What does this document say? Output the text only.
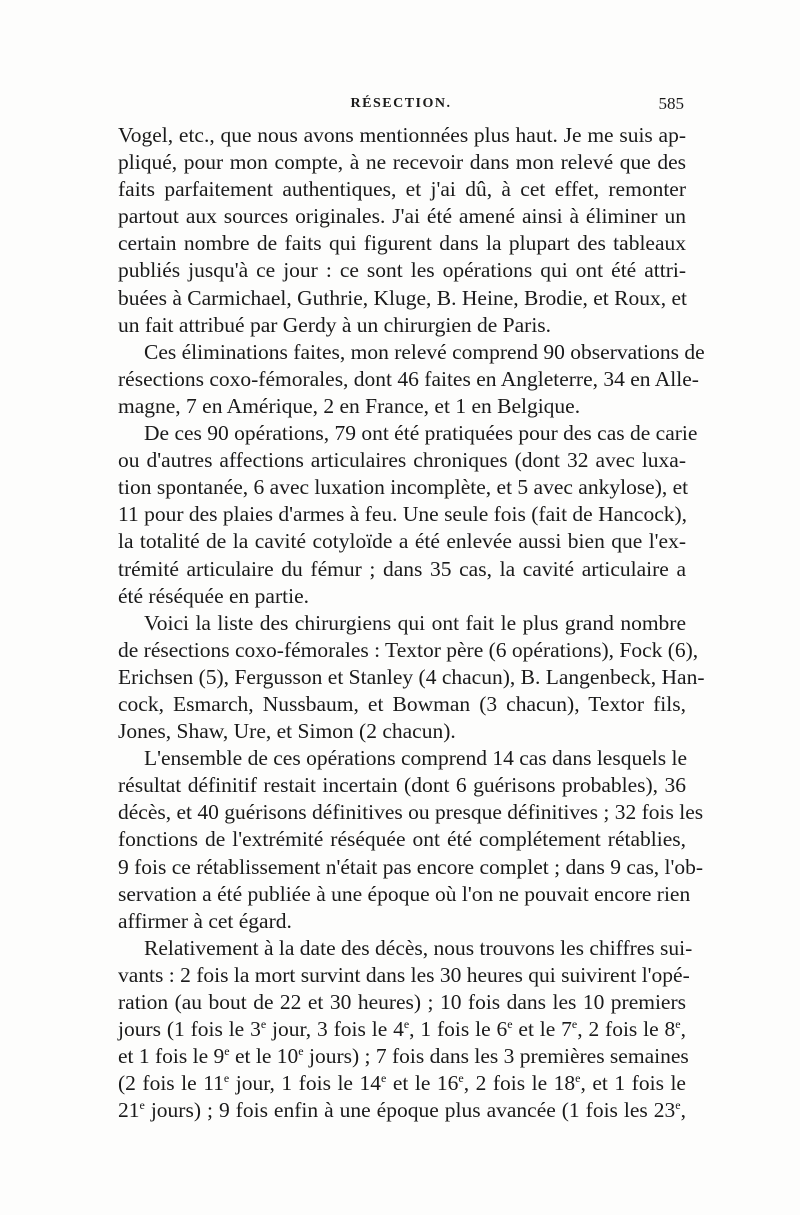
RÉSECTION.	585
Vogel, etc., que nous avons mentionnées plus haut. Je me suis ap-
pliqué, pour mon compte, à ne recevoir dans mon relevé que des
faits parfaitement authentiques, et j'ai dû, à cet effet, remonter
partout aux sources originales. J'ai été amené ainsi à éliminer un
certain nombre de faits qui figurent dans la plupart des tableaux
publiés jusqu'à ce jour : ce sont les opérations qui ont été attri-
buées à Carmichael, Guthrie, Kluge, B. Heine, Brodie, et Roux, et
un fait attribué par Gerdy à un chirurgien de Paris.
Ces éliminations faites, mon relevé comprend 90 observations de
résections coxo-fémorales, dont 46 faites en Angleterre, 34 en Alle-
magne, 7 en Amérique, 2 en France, et 1 en Belgique.
De ces 90 opérations, 79 ont été pratiquées pour des cas de carie
ou d'autres affections articulaires chroniques (dont 32 avec luxa-
tion spontanée, 6 avec luxation incomplète, et 5 avec ankylose), et
11 pour des plaies d'armes à feu. Une seule fois (fait de Hancock),
la totalité de la cavité cotyloïde a été enlevée aussi bien que l'ex-
trémité articulaire du fémur ; dans 35 cas, la cavité articulaire a
été réséquée en partie.
Voici la liste des chirurgiens qui ont fait le plus grand nombre
de résections coxo-fémorales : Textor père (6 opérations), Fock (6),
Erichsen (5), Fergusson et Stanley (4 chacun), B. Langenbeck, Han-
cock, Esmarch, Nussbaum, et Bowman (3 chacun), Textor fils,
Jones, Shaw, Ure, et Simon (2 chacun).
L'ensemble de ces opérations comprend 14 cas dans lesquels le
résultat définitif restait incertain (dont 6 guérisons probables), 36
décès, et 40 guérisons définitives ou presque définitives ; 32 fois les
fonctions de l'extrémité réséquée ont été complétement rétablies,
9 fois ce rétablissement n'était pas encore complet ; dans 9 cas, l'ob-
servation a été publiée à une époque où l'on ne pouvait encore rien
affirmer à cet égard.
Relativement à la date des décès, nous trouvons les chiffres sui-
vants : 2 fois la mort survint dans les 30 heures qui suivirent l'opé-
ration (au bout de 22 et 30 heures) ; 10 fois dans les 10 premiers
jours (1 fois le 3e jour, 3 fois le 4e, 1 fois le 6e et le 7e, 2 fois le 8e,
et 1 fois le 9e et le 10e jours) ; 7 fois dans les 3 premières semaines
(2 fois le 11e jour, 1 fois le 14e et le 16e, 2 fois le 18e, et 1 fois le
21e jours) ; 9 fois enfin à une époque plus avancée (1 fois les 23e,
